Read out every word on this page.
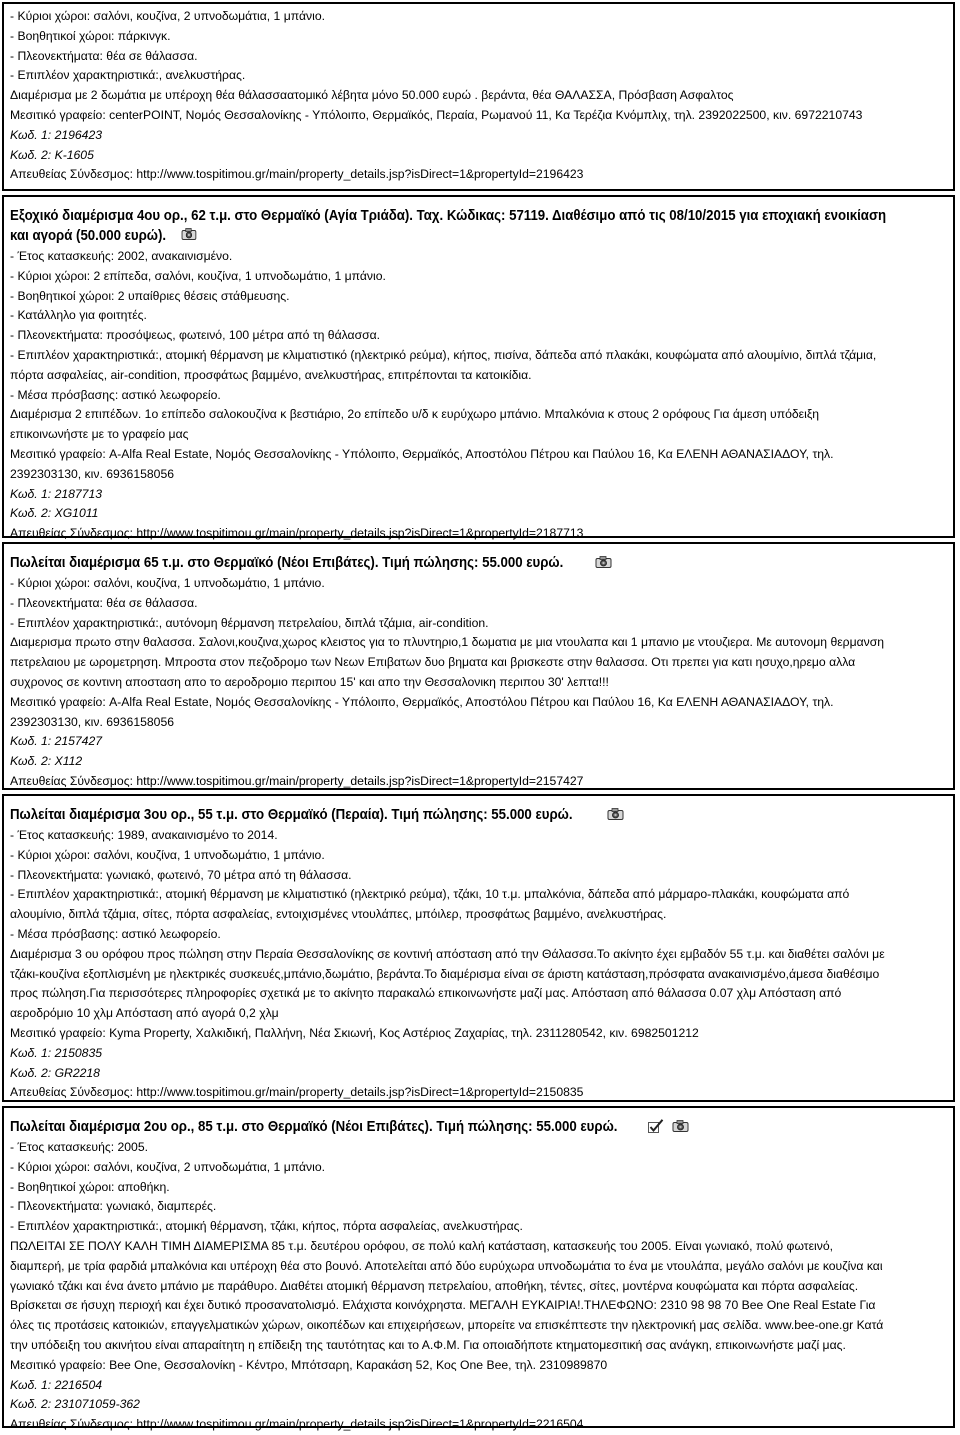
- Κύριοι χώροι: σαλόνι, κουζίνα, 2 υπνοδωμάτια, 1 μπάνιο.
- Βοηθητικοί χώροι: πάρκινγκ.
- Πλεονεκτήματα: θέα σε θάλασσα.
- Επιπλέον χαρακτηριστικά:, ανελκυστήρας.
Διαμέρισμα με 2 δωμάτια με υπέροχη θέα θάλασσαατομικό λέβητα μόνο 50.000 ευρώ . βεράντα, θέα ΘΑΛΑΣΣΑ, Πρόσβαση Ασφαλτος
Μεσιτικό γραφείο: centerPOINT, Νομός Θεσσαλονίκης - Υπόλοιπο, Θερμαϊκός, Περαία, Ρωμανού 11, Κα Τερέζια Κνόμπλιχ, τηλ. 2392022500, κιν. 6972210743
Κωδ. 1: 2196423
Κωδ. 2: K-1605
Απευθείας Σύνδεσμος: http://www.tospitimou.gr/main/property_details.jsp?isDirect=1&propertyId=2196423
Εξοχικό διαμέρισμα 4ου ορ., 62 τ.μ. στο Θερμαϊκό (Αγία Τριάδα). Ταχ. Κώδικας: 57119. Διαθέσιμο από τις 08/10/2015 για εποχιακή ενοικίαση
και αγορά (50.000 ευρώ).
- Έτος κατασκευής: 2002, ανακαινισμένο.
- Κύριοι χώροι: 2 επίπεδα, σαλόνι, κουζίνα, 1 υπνοδωμάτιο, 1 μπάνιο.
- Βοηθητικοί χώροι: 2 υπαίθριες θέσεις στάθμευσης.
- Κατάλληλο για φοιτητές.
- Πλεονεκτήματα: προσόψεως, φωτεινό, 100 μέτρα από τη θάλασσα.
- Επιπλέον χαρακτηριστικά:, ατομική θέρμανση με κλιματιστικό (ηλεκτρικό ρεύμα), κήπος, πισίνα, δάπεδα από πλακάκι, κουφώματα από αλουμίνιο, διπλά τζάμια,
πόρτα ασφαλείας, air-condition, προσφάτως βαμμένο, ανελκυστήρας, επιτρέπονται τα κατοικίδια.
- Μέσα πρόσβασης: αστικό λεωφορείο.
Διαμέρισμα 2 επιπέδων. 1ο επίπεδο σαλοκουζίνα κ βεστιάριο, 2ο επίπεδο υ/δ κ ευρύχωρο μπάνιο. Μπαλκόνια κ στους 2 ορόφους Για άμεση υπόδειξη
επικοινωνήστε με το γραφείο μας
Μεσιτικό γραφείο: A-Alfa Real Estate, Νομός Θεσσαλονίκης - Υπόλοιπο, Θερμαϊκός, Αποστόλου Πέτρου και Παύλου 16, Κα ΕΛΕΝΗ ΑΘΑΝΑΣΙΑΔΟΥ, τηλ.
2392303130, κιν. 6936158056
Κωδ. 1: 2187713
Κωδ. 2: XG1011
Απευθείας Σύνδεσμος: http://www.tospitimou.gr/main/property_details.jsp?isDirect=1&propertyId=2187713
Πωλείται διαμέρισμα 65 τ.μ. στο Θερμαϊκό (Νέοι Επιβάτες). Τιμή πώλησης: 55.000 ευρώ.
- Κύριοι χώροι: σαλόνι, κουζίνα, 1 υπνοδωμάτιο, 1 μπάνιο.
- Πλεονεκτήματα: θέα σε θάλασσα.
- Επιπλέον χαρακτηριστικά:, αυτόνομη θέρμανση πετρελαίου, διπλά τζάμια, air-condition.
Διαμερισμα πρωτο στην θαλασσα. Σαλονι,κουζινα,χωρος κλειστος για το πλυντηριο,1 δωματια με μια ντουλαπα και 1 μπανιο με ντουζιερα. Με αυτονομη θερμανση
πετρελαιου με ωρομετρηση. Μπροστα στον πεζοδρομο των Νεων Επιβατων δυο βηματα και βρισκεστε στην θαλασσα. Οτι πρεπει για κατι ησυχο,ηρεμο αλλα
συχρονος σε κοντινη αποσταση απο το αεροδρομιο περιπου 15' και απο την Θεσσαλονικη περιπου 30' λεπτα!!!
Μεσιτικό γραφείο: A-Alfa Real Estate, Νομός Θεσσαλονίκης - Υπόλοιπο, Θερμαϊκός, Αποστόλου Πέτρου και Παύλου 16, Κα ΕΛΕΝΗ ΑΘΑΝΑΣΙΑΔΟΥ, τηλ.
2392303130, κιν. 6936158056
Κωδ. 1: 2157427
Κωδ. 2: X112
Απευθείας Σύνδεσμος: http://www.tospitimou.gr/main/property_details.jsp?isDirect=1&propertyId=2157427
Πωλείται διαμέρισμα 3ου ορ., 55 τ.μ. στο Θερμαϊκό (Περαία). Τιμή πώλησης: 55.000 ευρώ.
- Έτος κατασκευής: 1989, ανακαινισμένο το 2014.
- Κύριοι χώροι: σαλόνι, κουζίνα, 1 υπνοδωμάτιο, 1 μπάνιο.
- Πλεονεκτήματα: γωνιακό, φωτεινό, 70 μέτρα από τη θάλασσα.
- Επιπλέον χαρακτηριστικά:, ατομική θέρμανση με κλιματιστικό (ηλεκτρικό ρεύμα), τζάκι, 10 τ.μ. μπαλκόνια, δάπεδα από μάρμαρο-πλακάκι, κουφώματα από
αλουμίνιο, διπλά τζάμια, σίτες, πόρτα ασφαλείας, εντοιχισμένες ντουλάπες, μπόιλερ, προσφάτως βαμμένο, ανελκυστήρας.
- Μέσα πρόσβασης: αστικό λεωφορείο.
Διαμέρισμα 3 ου ορόφου προς πώληση στην Περαία Θεσσαλονίκης σε κοντινή απόσταση από την Θάλασσα.Το ακίνητο έχει εμβαδόν 55 τ.μ. και διαθέτει σαλόνι με
τζάκι-κουζίνα εξοπλισμένη με ηλεκτρικές συσκευές,μπάνιο,δωμάτιο, βεράντα.Το διαμέρισμα είναι σε άριστη κατάσταση,πρόσφατα ανακαινισμένο,άμεσα διαθέσιμο
προς πώληση.Για περισσότερες πληροφορίες σχετικά με το ακίνητο παρακαλώ επικοινωνήστε μαζί μας. Απόσταση από θάλασσα 0.07 χλμ Απόσταση από
αεροδρόμιο 10 χλμ Απόσταση από αγορά 0,2 χλμ
Μεσιτικό γραφείο: Kyma Property, Χαλκιδική, Παλλήνη, Νέα Σκιωνή, Κος Αστέριος Ζαχαρίας, τηλ. 2311280542, κιν. 6982501212
Κωδ. 1: 2150835
Κωδ. 2: GR2218
Απευθείας Σύνδεσμος: http://www.tospitimou.gr/main/property_details.jsp?isDirect=1&propertyId=2150835
Πωλείται διαμέρισμα 2ου ορ., 85 τ.μ. στο Θερμαϊκό (Νέοι Επιβάτες). Τιμή πώλησης: 55.000 ευρώ.
- Έτος κατασκευής: 2005.
- Κύριοι χώροι: σαλόνι, κουζίνα, 2 υπνοδωμάτια, 1 μπάνιο.
- Βοηθητικοί χώροι: αποθήκη.
- Πλεονεκτήματα: γωνιακό, διαμπερές.
- Επιπλέον χαρακτηριστικά:, ατομική θέρμανση, τζάκι, κήπος, πόρτα ασφαλείας, ανελκυστήρας.
ΠΩΛΕΙΤΑΙ ΣΕ ΠΟΛΥ ΚΑΛΗ ΤΙΜΗ ΔΙΑΜΕΡΙΣΜΑ 85 τ.μ. δευτέρου ορόφου, σε πολύ καλή κατάσταση, κατασκευής του 2005. Είναι γωνιακό, πολύ φωτεινό,
διαμπερή, με τρία φαρδιά μπαλκόνια και υπέροχη θέα στο βουνό. Αποτελείται από δύο ευρύχωρα υπνοδωμάτια το ένα με ντουλάπα, μεγάλο σαλόνι με κουζίνα και
γωνιακό τζάκι και ένα άνετο μπάνιο με παράθυρο. Διαθέτει ατομική θέρμανση πετρελαίου, αποθήκη, τέντες, σίτες, μοντέρνα κουφώματα και πόρτα ασφαλείας.
Βρίσκεται σε ήσυχη περιοχή και έχει δυτικό προσανατολισμό. Ελάχιστα κοινόχρηστα. ΜΕΓΑΛΗ ΕΥΚΑΙΡΙΑ!.ΤΗΛΕΦΩΝΟ: 2310 98 98 70 Bee One Real Estate Για
όλες τις προτάσεις κατοικιών, επαγγελματικών χώρων, οικοπέδων και επιχειρήσεων, μπορείτε να επισκέπτεστε την ηλεκτρονική μας σελίδα. www.bee-one.gr Κατά
την υπόδειξη του ακινήτου είναι απαραίτητη η επίδειξη της ταυτότητας και το Α.Φ.Μ. Για οποιαδήποτε κτηματομεσιτική σας ανάγκη, επικοινωνήστε μαζί μας.
Μεσιτικό γραφείο: Bee One, Θεσσαλονίκη - Κέντρο, Μπότσαρη, Καρακάση 52, Κος One Bee, τηλ. 2310989870
Κωδ. 1: 2216504
Κωδ. 2: 231071059-362
Απευθείας Σύνδεσμος: http://www.tospitimou.gr/main/property_details.jsp?isDirect=1&propertyId=2216504
